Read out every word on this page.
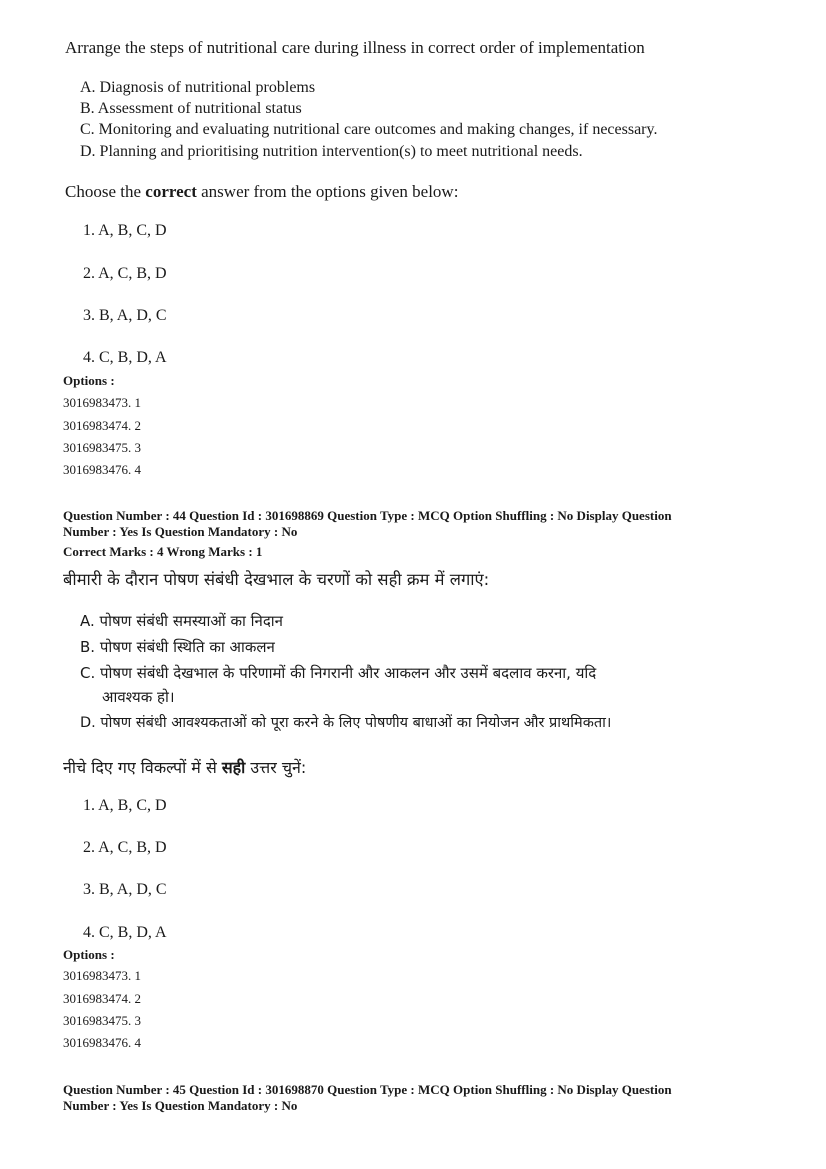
Arrange the steps of nutritional care during illness in correct order of implementation
A. Diagnosis of nutritional problems
B. Assessment of nutritional status
C. Monitoring and evaluating nutritional care outcomes and making changes, if necessary.
D. Planning and prioritising nutrition intervention(s) to meet nutritional needs.
Choose the correct answer from the options given below:
1. A, B, C, D
2. A, C, B, D
3. B, A, D, C
4. C, B, D, A
Options :
3016983473. 1
3016983474. 2
3016983475. 3
3016983476. 4
Question Number : 44 Question Id : 301698869 Question Type : MCQ Option Shuffling : No Display Question
Number : Yes Is Question Mandatory : No
Correct Marks : 4 Wrong Marks : 1
बीमारी के दौरान पोषण संबंधी देखभाल के चरणों को सही क्रम में लगाएं:
A. पोषण संबंधी समस्याओं का निदान
B. पोषण संबंधी स्थिति का आकलन
C. पोषण संबंधी देखभाल के परिणामों की निगरानी और आकलन और उसमें बदलाव करना, यदि
आवश्यक हो।
D. पोषण संबंधी आवश्यकताओं को पूरा करने के लिए पोषणीय बाधाओं का नियोजन और प्राथमिकता।
नीचे दिए गए विकल्पों में से सही उत्तर चुनें:
1. A, B, C, D
2. A, C, B, D
3. B, A, D, C
4. C, B, D, A
Options :
3016983473. 1
3016983474. 2
3016983475. 3
3016983476. 4
Question Number : 45 Question Id : 301698870 Question Type : MCQ Option Shuffling : No Display Question
Number : Yes Is Question Mandatory : No
